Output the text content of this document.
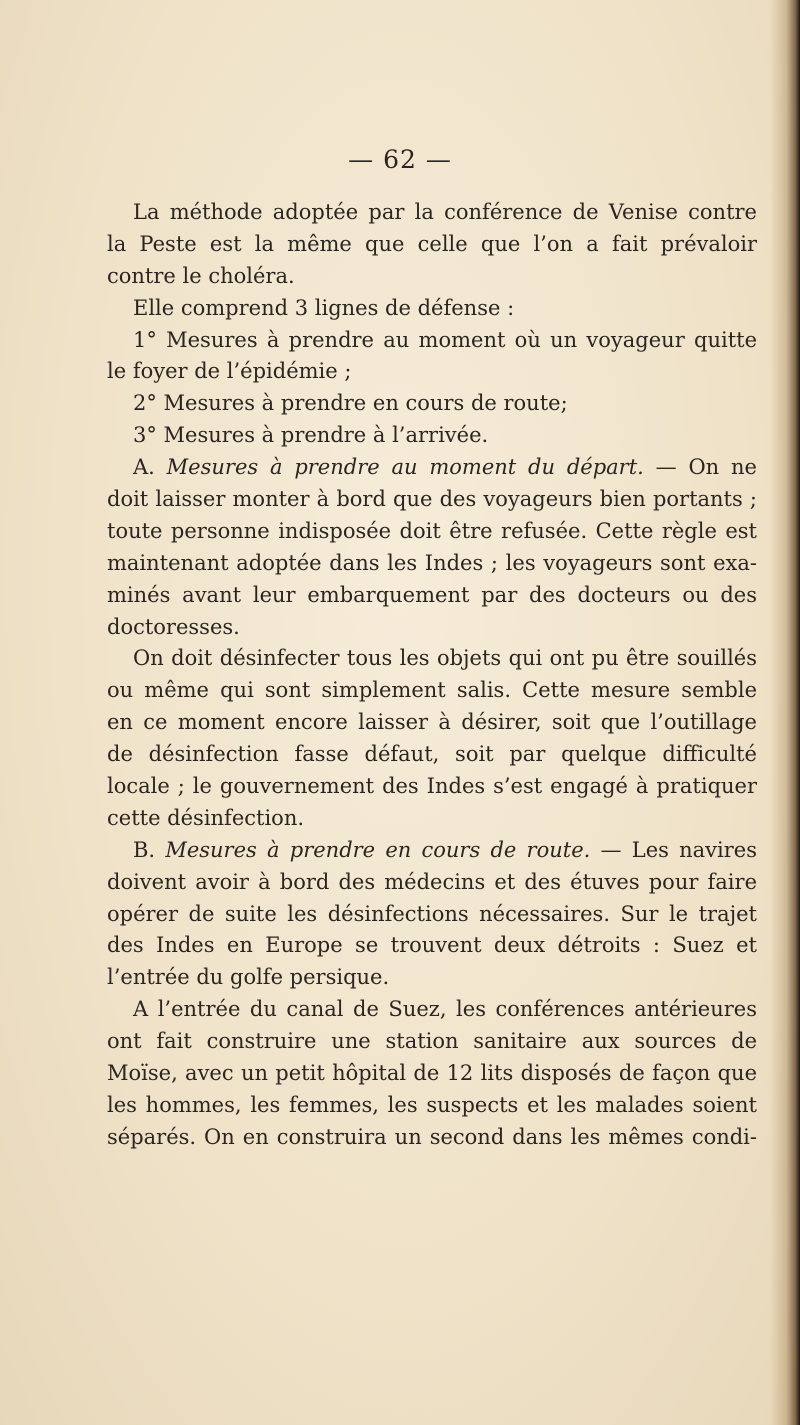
— 62 —
La méthode adoptée par la conférence de Venise contre
la Peste est la même que celle que l’on a fait prévaloir
contre le choléra.
Elle comprend 3 lignes de défense :
1° Mesures à prendre au moment où un voyageur quitte
le foyer de l’épidémie ;
2° Mesures à prendre en cours de route;
3° Mesures à prendre à l’arrivée.
A. Mesures à prendre au moment du départ. — On ne
doit laisser monter à bord que des voyageurs bien portants ;
toute personne indisposée doit être refusée. Cette règle est
maintenant adoptée dans les Indes ; les voyageurs sont exa-
minés avant leur embarquement par des docteurs ou des
doctoresses.
On doit désinfecter tous les objets qui ont pu être souillés
ou même qui sont simplement salis. Cette mesure semble
en ce moment encore laisser à désirer, soit que l’outillage
de désinfection fasse défaut, soit par quelque difficulté
locale ; le gouvernement des Indes s’est engagé à pratiquer
cette désinfection.
B. Mesures à prendre en cours de route. — Les navires
doivent avoir à bord des médecins et des étuves pour faire
opérer de suite les désinfections nécessaires. Sur le trajet
des Indes en Europe se trouvent deux détroits : Suez et
l’entrée du golfe persique.
A l’entrée du canal de Suez, les conférences antérieures
ont fait construire une station sanitaire aux sources de
Moïse, avec un petit hôpital de 12 lits disposés de façon que
les hommes, les femmes, les suspects et les malades soient
séparés. On en construira un second dans les mêmes condi-
